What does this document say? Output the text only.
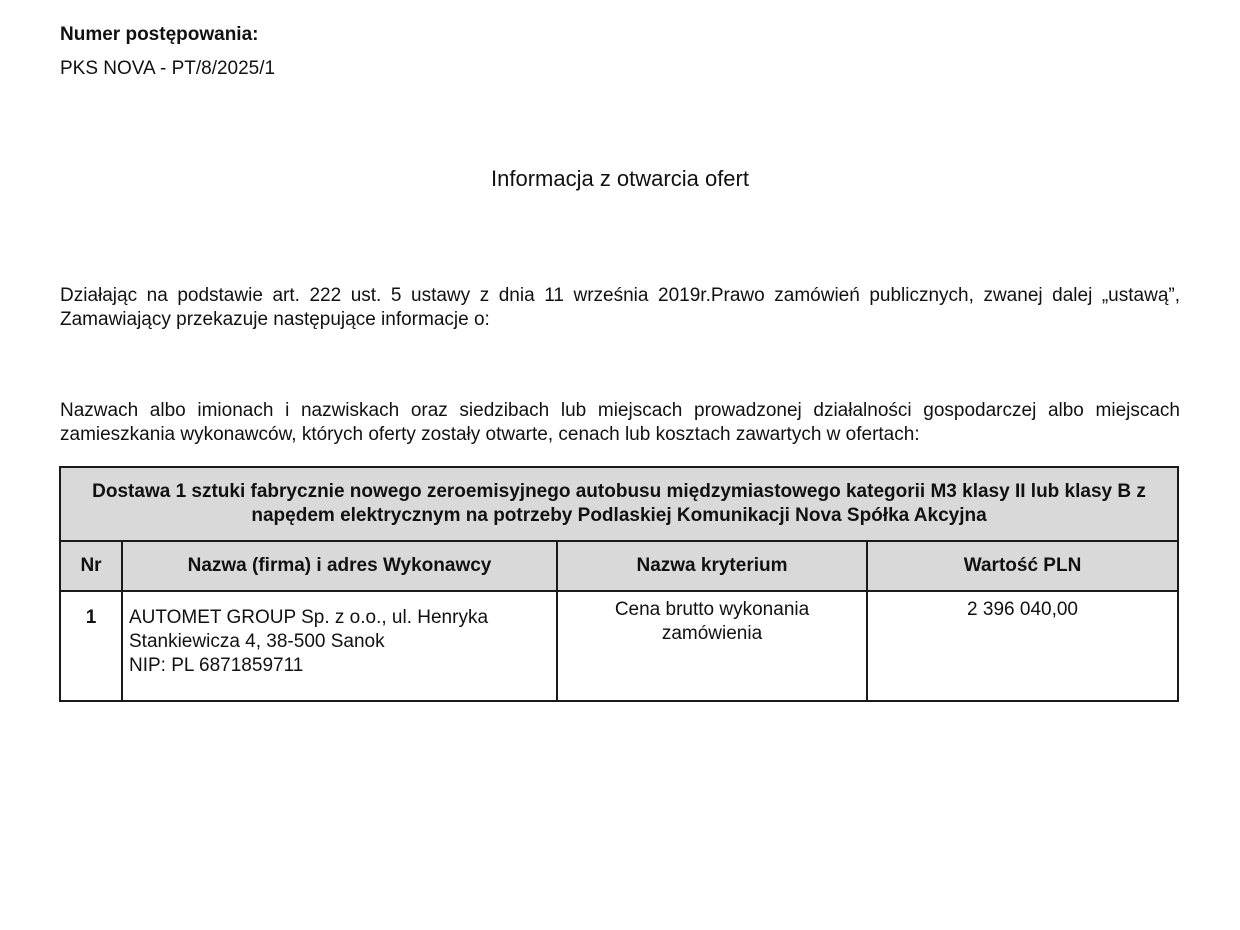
Numer postępowania:
PKS NOVA - PT/8/2025/1
Informacja z otwarcia ofert
Działając na podstawie art. 222 ust. 5 ustawy z dnia 11 września 2019r.Prawo zamówień publicznych, zwanej dalej „ustawą”, Zamawiający przekazuje następujące informacje o:
Nazwach albo imionach i nazwiskach oraz siedzibach lub miejscach prowadzonej działalności gospodarczej albo miejscach zamieszkania wykonawców, których oferty zostały otwarte, cenach lub kosztach zawartych w ofertach:
Dostawa 1 sztuki fabrycznie nowego zeroemisyjnego autobusu międzymiastowego kategorii M3 klasy II lub klasy B z napędem elektrycznym na potrzeby Podlaskiej Komunikacji Nova Spółka Akcyjna			
Nr	Nazwa (firma) i adres Wykonawcy	Nazwa kryterium	Wartość PLN
1	AUTOMET GROUP Sp. z o.o., ul. Henryka
Stankiewicza 4, 38-500 Sanok
NIP: PL 6871859711	Cena brutto wykonania zamówienia	2 396 040,00
